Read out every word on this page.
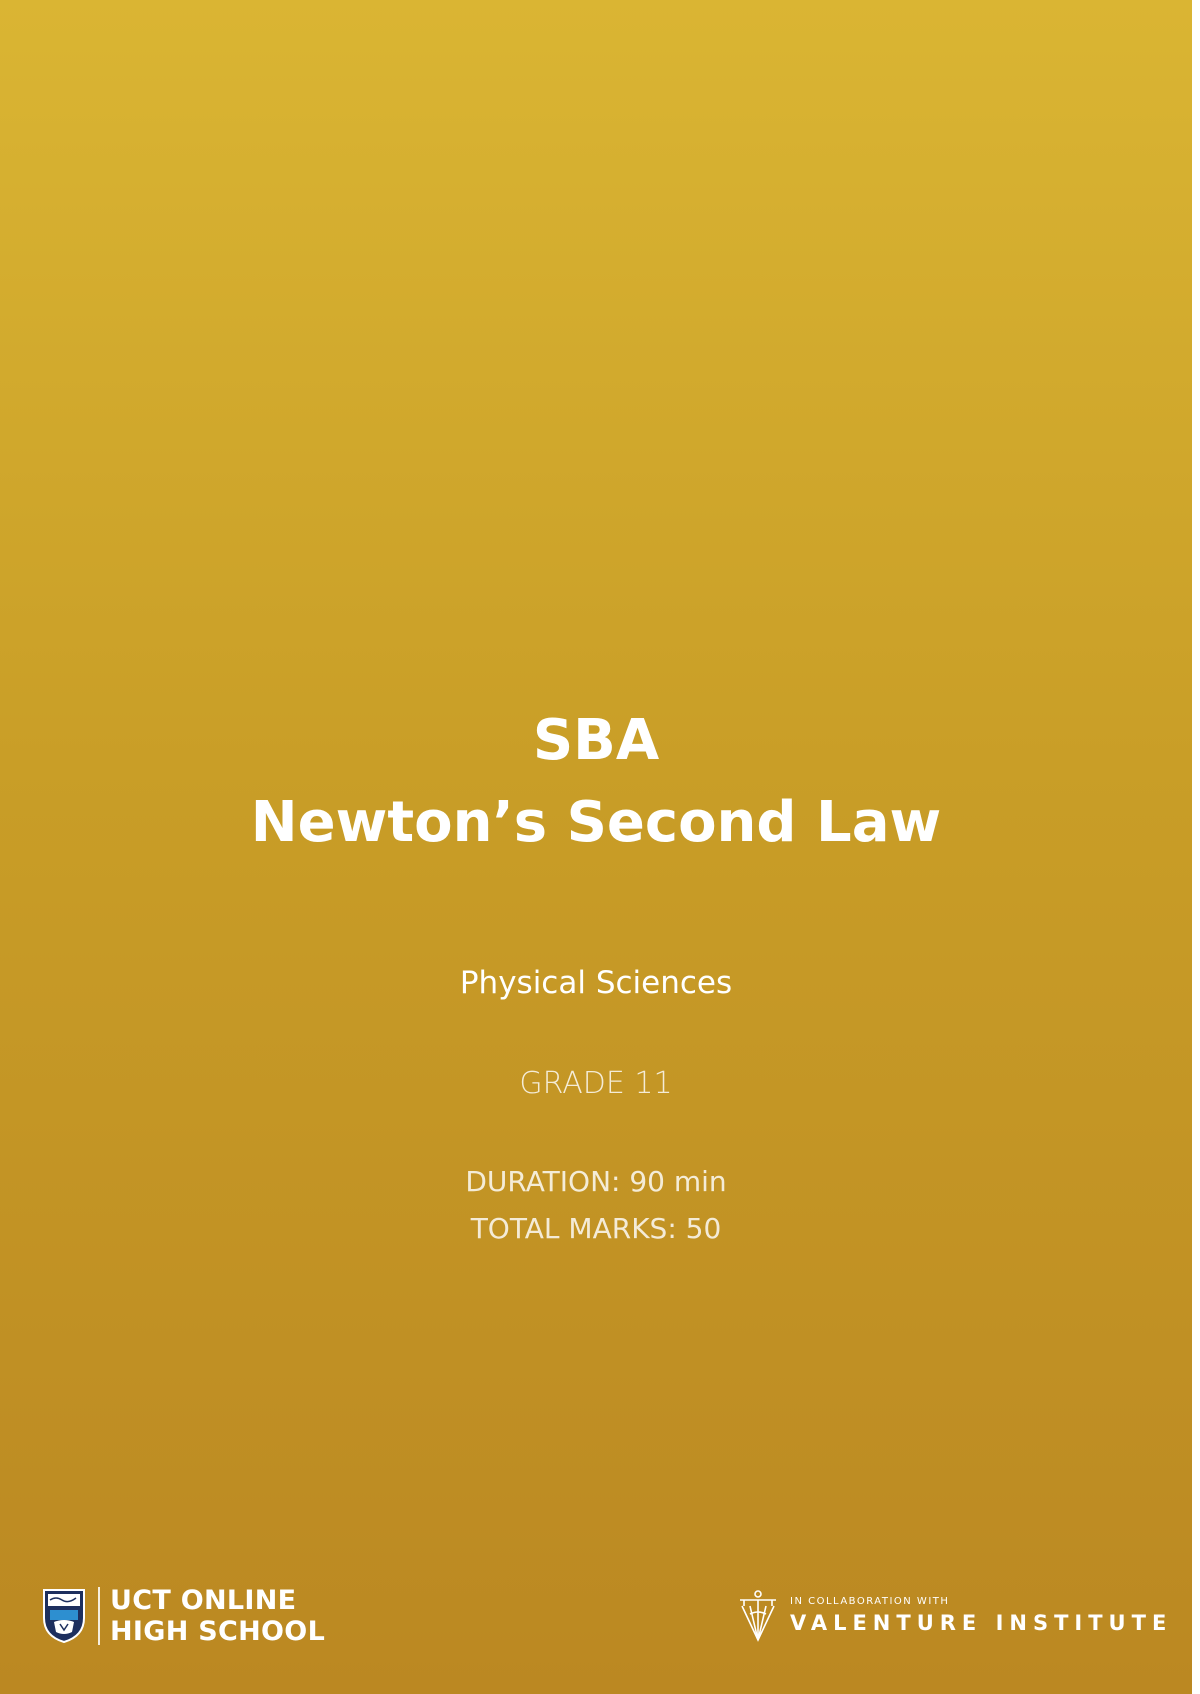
SBA
Newton’s Second Law
Physical Sciences
GRADE 11
DURATION: 90 min
TOTAL MARKS: 50
UCT ONLINE
HIGH SCHOOL
IN COLLABORATION WITH
VALENTURE INSTITUTE
